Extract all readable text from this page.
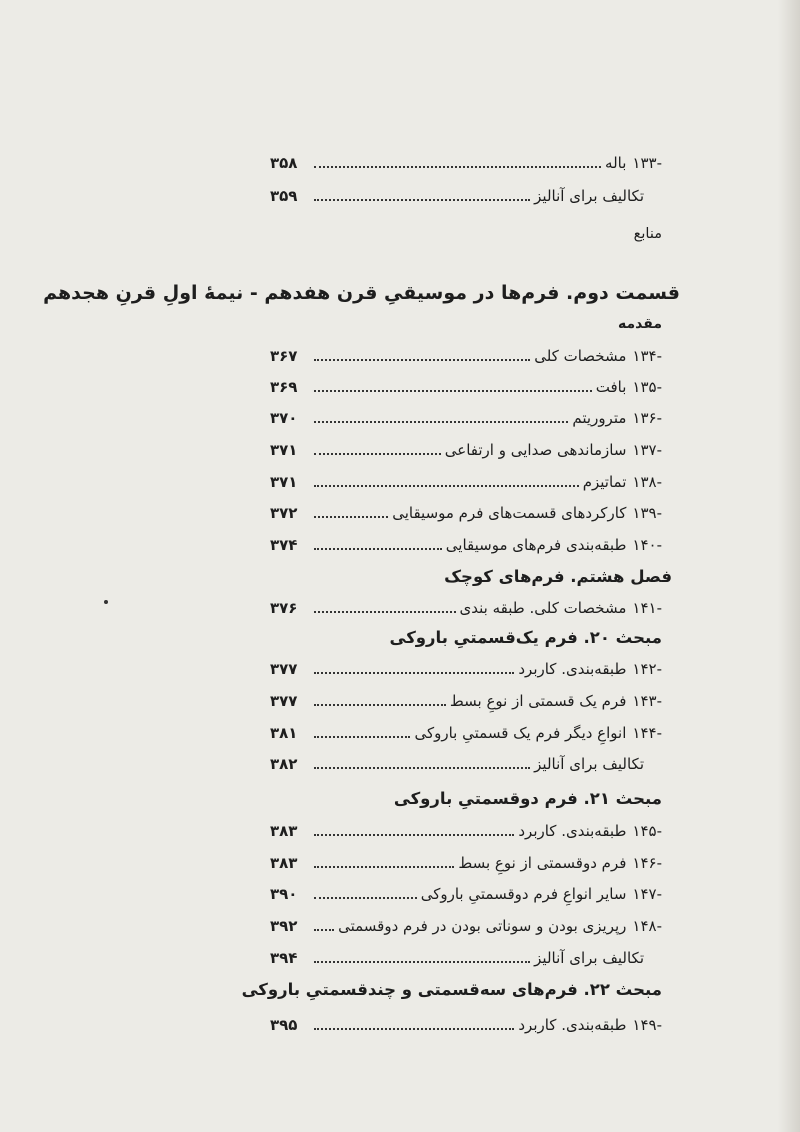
۱۳۳-
باله
۳۵۸
تکالیف برای آنالیز
۳۵۹
منابع
قسمت دوم. فرم‌ها در موسیقیِ قرن هفدهم - نیمهٔ اولِ قرنِ هجدهم
مقدمه
۱۳۴-
مشخصات کلی
۳۶۷
۱۳۵-
بافت
۳۶۹
۱۳۶-
متروریتم
۳۷۰
۱۳۷-
سازماندهی صدایی و ارتفاعی
۳۷۱
۱۳۸-
تماتیزم
۳۷۱
۱۳۹-
کارکردهای قسمت‌های فرم موسیقایی
۳۷۲
۱۴۰-
طبقه‌بندی فرم‌های موسیقایی
۳۷۴
فصل هشتم. فرم‌های کوچک
۱۴۱-
مشخصات کلی. طبقه بندی
۳۷۶
مبحث ۲۰. فرم یک‌قسمتیِ باروکی
۱۴۲-
طبقه‌بندی. کاربرد
۳۷۷
۱۴۳-
فرم یک قسمتی از نوعِ بسط
۳۷۷
۱۴۴-
انواعِ دیگر فرم یک قسمتیِ باروکی
۳۸۱
تکالیف برای آنالیز
۳۸۲
مبحث ۲۱. فرم دوقسمتیِ باروکی
۱۴۵-
طبقه‌بندی. کاربرد
۳۸۳
۱۴۶-
فرم دوقسمتی از نوعِ بسط
۳۸۳
۱۴۷-
سایر انواعِ فرم دوقسمتیِ باروکی
۳۹۰
۱۴۸-
رپریزی بودن و سوناتی بودن در فرم دوقسمتی
۳۹۲
تکالیف برای آنالیز
۳۹۴
مبحث ۲۲. فرم‌های سه‌قسمتی و چندقسمتیِ باروکی
۱۴۹-
طبقه‌بندی. کاربرد
۳۹۵
